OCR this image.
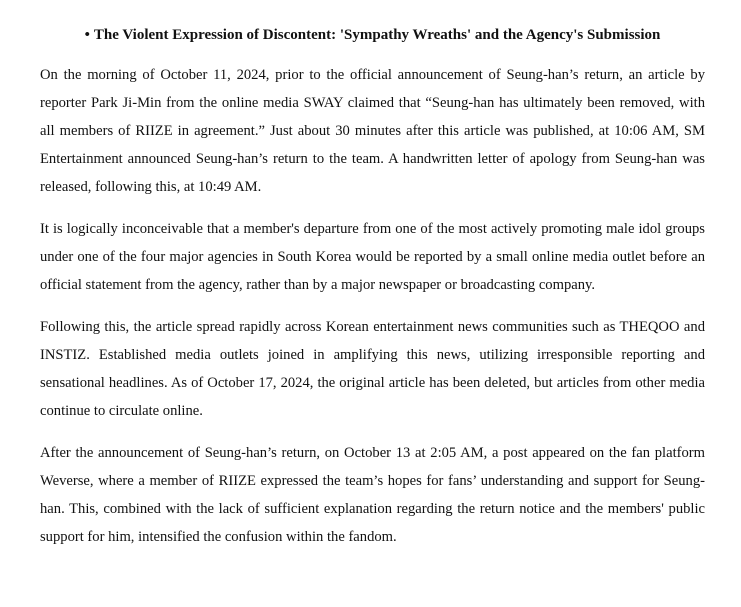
• The Violent Expression of Discontent: 'Sympathy Wreaths' and the Agency's Submission

On the morning of October 11, 2024, prior to the official announcement of Seung-han’s return, an article by reporter Park Ji-Min from the online media SWAY claimed that “Seung-han has ultimately been removed, with all members of RIIZE in agreement.” Just about 30 minutes after this article was published, at 10:06 AM, SM Entertainment announced Seung-han’s return to the team. A handwritten letter of apology from Seung-han was released, following this, at 10:49 AM.

It is logically inconceivable that a member's departure from one of the most actively promoting male idol groups under one of the four major agencies in South Korea would be reported by a small online media outlet before an official statement from the agency, rather than by a major newspaper or broadcasting company.

Following this, the article spread rapidly across Korean entertainment news communities such as THEQOO and INSTIZ. Established media outlets joined in amplifying this news, utilizing irresponsible reporting and sensational headlines. As of October 17, 2024, the original article has been deleted, but articles from other media continue to circulate online.

After the announcement of Seung-han’s return, on October 13 at 2:05 AM, a post appeared on the fan platform Weverse, where a member of RIIZE expressed the team’s hopes for fans’ understanding and support for Seung-han. This, combined with the lack of sufficient explanation regarding the return notice and the members' public support for him, intensified the confusion within the fandom.
